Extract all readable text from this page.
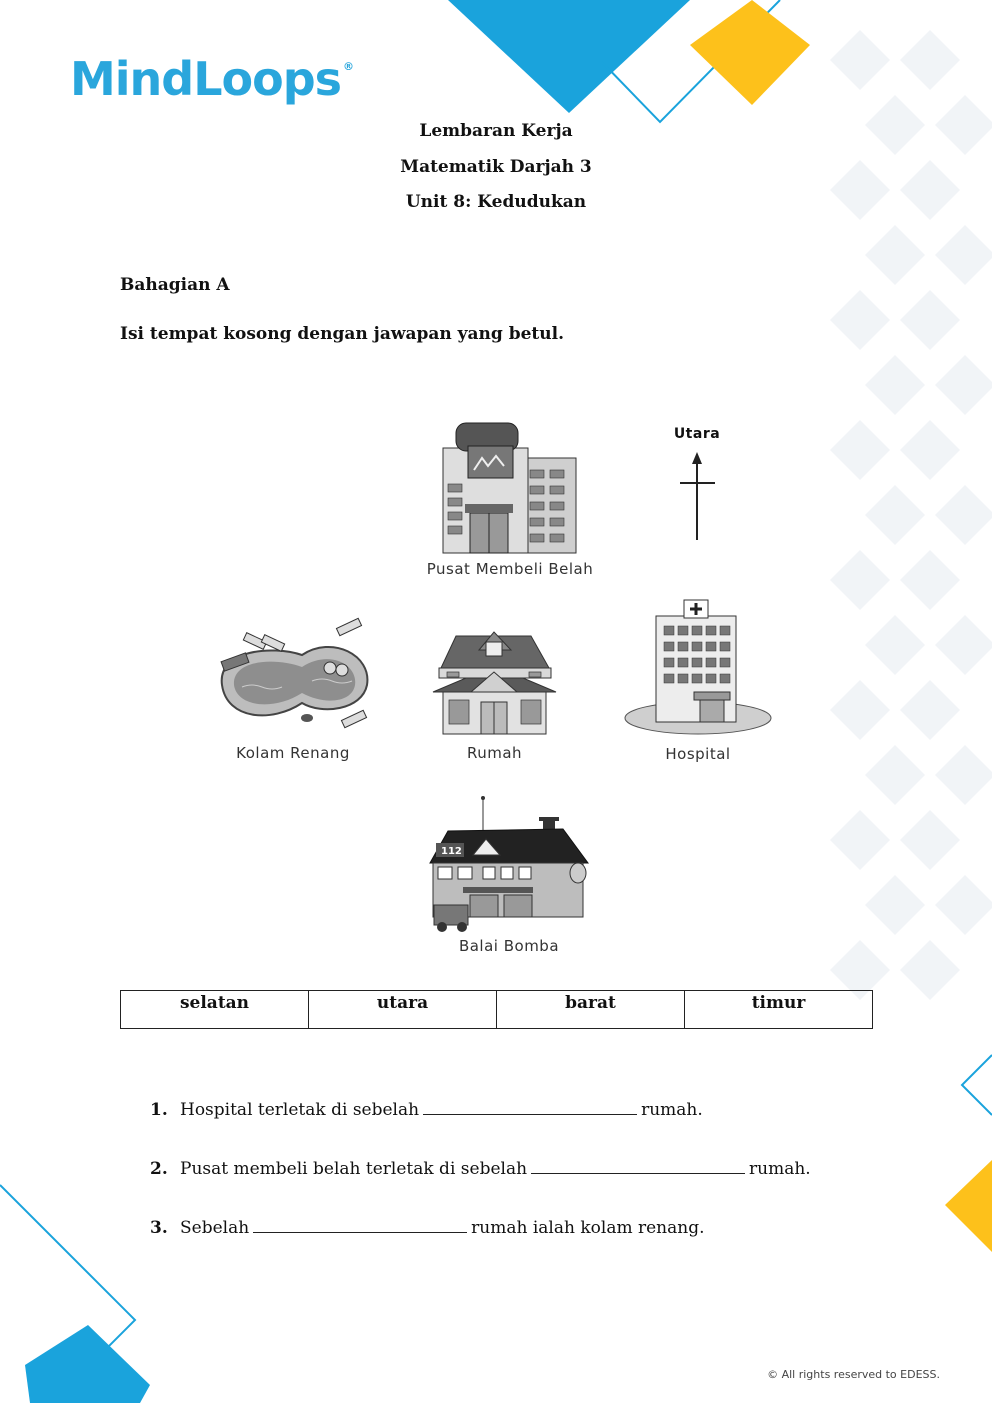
MindLoops ®
Lembaran Kerja
Matematik Darjah 3
Unit 8: Kedudukan
Bahagian A
Isi tempat kosong dengan jawapan yang betul.
Utara
Pusat Membeli Belah
Kolam Renang	Rumah	Hospital
112
Balai Bomba
selatan	utara	barat	timur
1. Hospital terletak di sebelah	rumah.
2. Pusat membeli belah terletak di sebelah	rumah.
3. Sebelah	rumah ialah kolam renang.
© All rights reserved to EDESS.
